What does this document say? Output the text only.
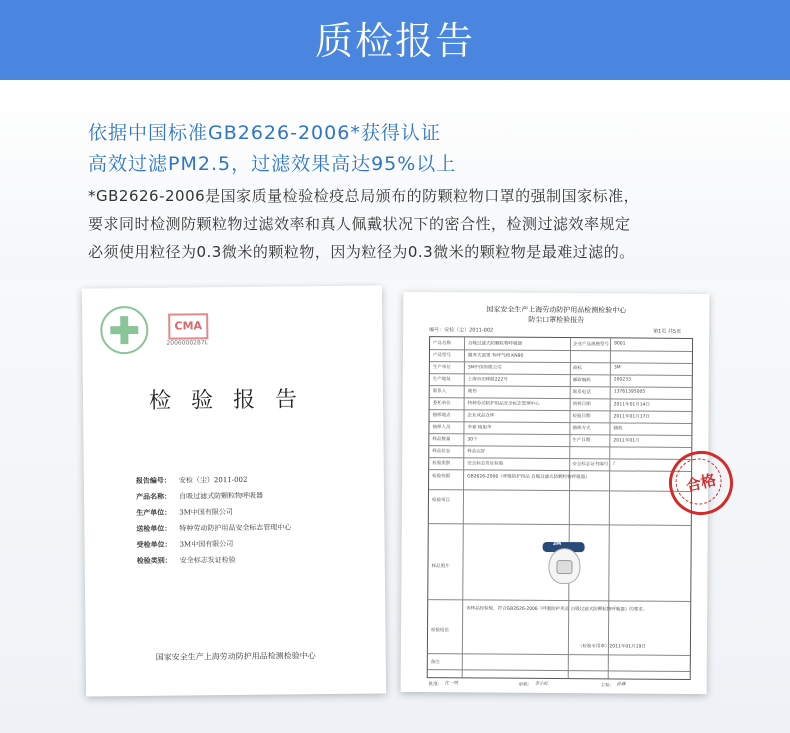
质检报告
依据中国标准GB2626-2006*获得认证
高效过滤PM2.5，过滤效果高达95%以上
*GB2626-2006是国家质量检验检疫总局颁布的防颗粒物口罩的强制国家标准，
要求同时检测防颗粒物过滤效率和真人佩戴状况下的密合性，检测过滤效率规定
必须使用粒径为0.3微米的颗粒物，因为粒径为0.3微米的颗粒物是最难过滤的。
CMA
2006000287L
检验报告
报告编号： 安检（尘）2011-002
产品名称： 自吸过滤式防颗粒物呼吸器
生产单位： 3M中国有限公司
送检单位： 特种劳动防护用品安全标志管理中心
受检单位： 3M中国有限公司
检验类别： 安全标志发证检验
国家安全生产上海劳动防护用品检测检验中心
国家安全生产上海劳动防护用品检测检验中心
防尘口罩检验报告
编号：安检（尘）2011-002	第1页 共5页
产品名称	自吸过滤式防颗粒物呼吸器	企业产品规格型号 9001
产品型号	随弃式面罩 有呼气阀 KN90
生产单位	3M中国有限公司	商标	3M
生产地址	上海市田林路222号	邮政编码	200233
联系人	姚伟	联系电话	13761395005
委托单位	特种劳动防护用品安全标志管理中心	到样日期	2011年01月14日
抽样地点	企业成品仓库	检验日期	2011年01月17日
抽样人员	李豪 梅旭华	抽样方式	随机
样品数量	30个	生产日期	2011年01月
样品状态	样品完好
检验类别	安全标志发证检验	安全标志证书编号 /
检验依据	GB2626-2006《呼吸防护用品 自吸过滤式防颗粒物呼吸器》
检验项目
样品照片
3M
检验结论
该样品经检验，符合GB2626-2006《呼吸防护用品 自吸过滤式防颗粒物呼吸器》的要求。
（检验专用章）2011年01月19日
备注
批准： 庄一鸣	审核： 李小红	主检： 孙彝
合格
